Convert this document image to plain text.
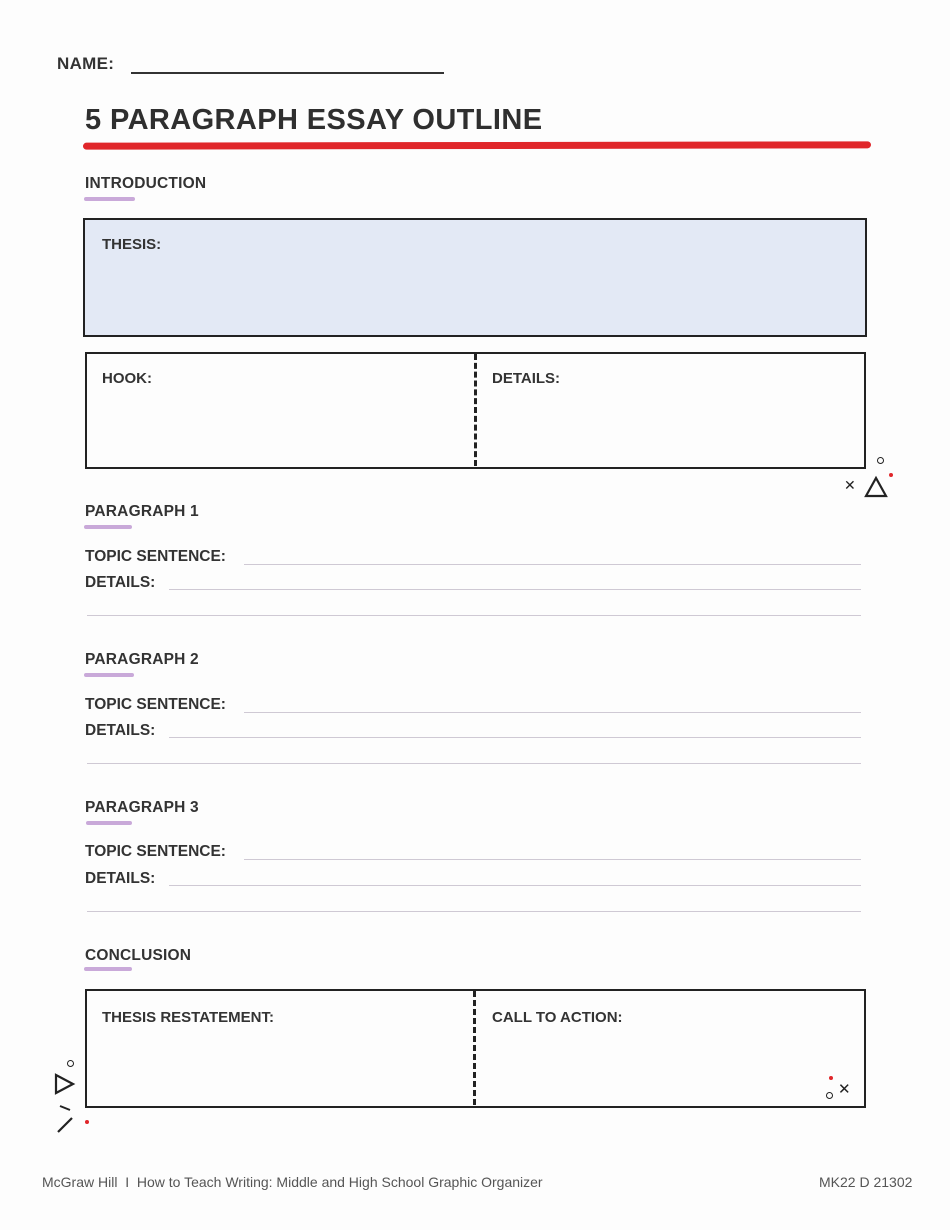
NAME:
5 PARAGRAPH ESSAY OUTLINE
INTRODUCTION
THESIS:
HOOK:	DETAILS:
✕
PARAGRAPH 1
TOPIC SENTENCE:
DETAILS:
PARAGRAPH 2
TOPIC SENTENCE:
DETAILS:
PARAGRAPH 3
TOPIC SENTENCE:
DETAILS:
CONCLUSION
THESIS RESTATEMENT:	CALL TO ACTION:
✕
McGraw Hill  I  How to Teach Writing: Middle and High School Graphic Organizer	MK22 D 21302
